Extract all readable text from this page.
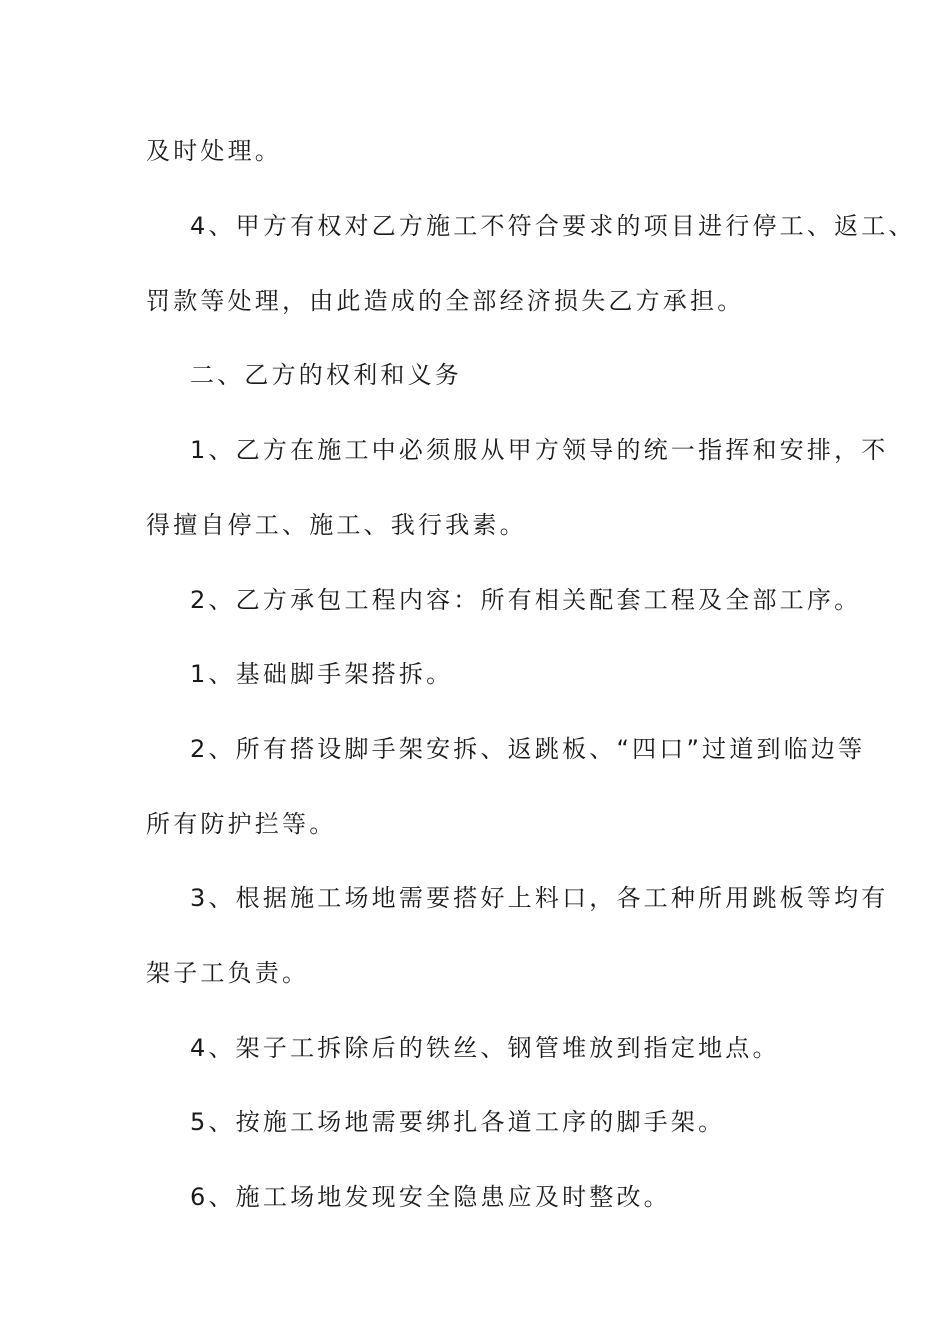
及时处理。
4、甲方有权对乙方施工不符合要求的项目进行停工、返工、
罚款等处理，由此造成的全部经济损失乙方承担。
二、乙方的权利和义务
1、乙方在施工中必须服从甲方领导的统一指挥和安排，不
得擅自停工、施工、我行我素。
2、乙方承包工程内容：所有相关配套工程及全部工序。
1、基础脚手架搭拆。
2、所有搭设脚手架安拆、返跳板、“四口”过道到临边等
所有防护拦等。
3、根据施工场地需要搭好上料口，各工种所用跳板等均有
架子工负责。
4、架子工拆除后的铁丝、钢管堆放到指定地点。
5、按施工场地需要绑扎各道工序的脚手架。
6、施工场地发现安全隐患应及时整改。
